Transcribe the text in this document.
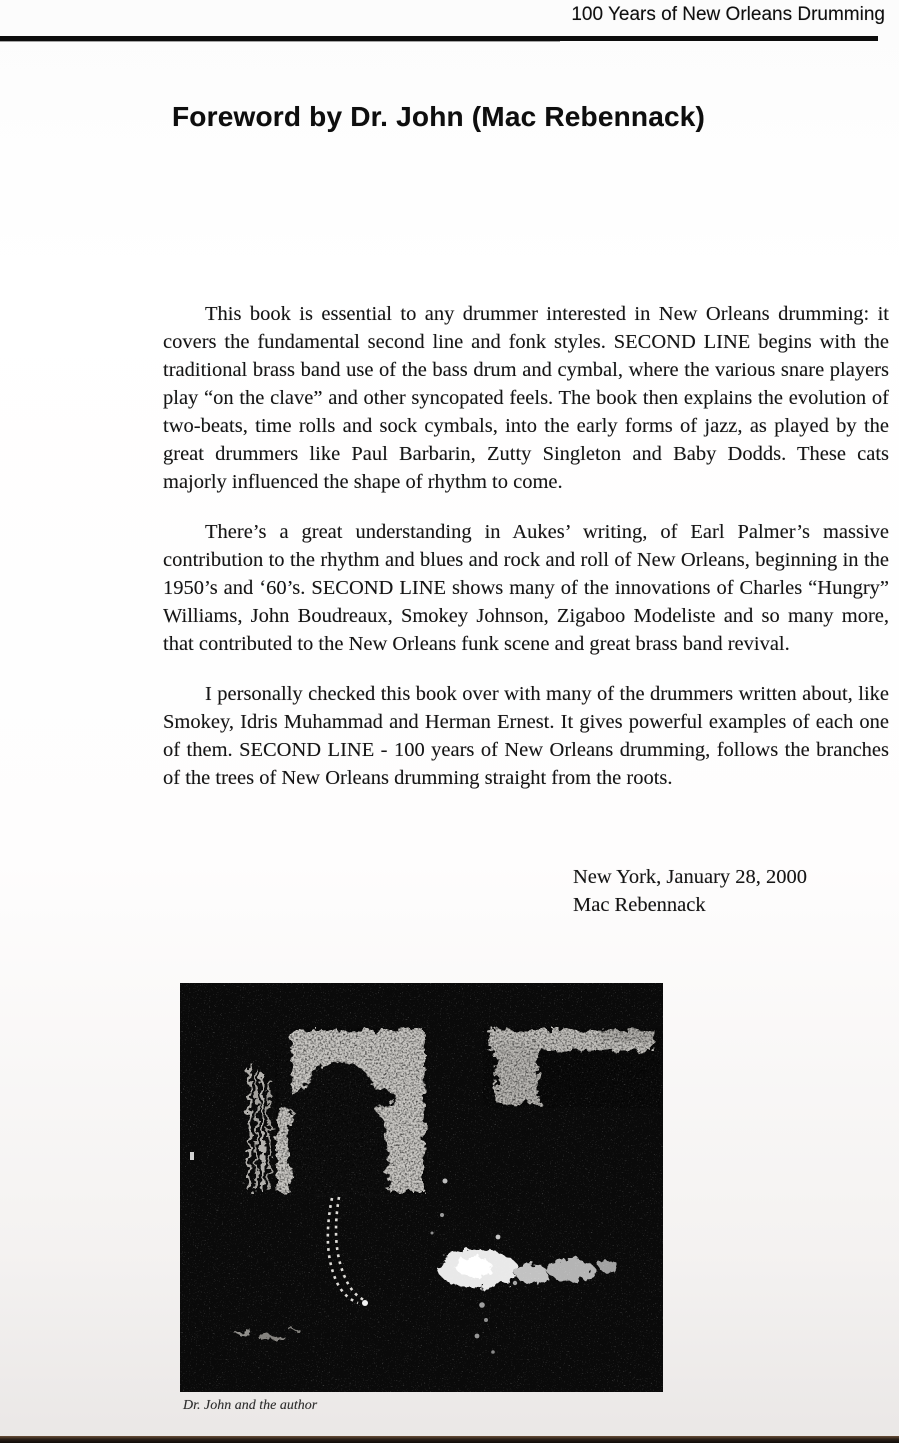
100 Years of New Orleans Drumming
Foreword by Dr. John (Mac Rebennack)

This book is essential to any drummer interested in New Orleans drumming: it covers the fundamental second line and fonk styles. SECOND LINE begins with the traditional brass band use of the bass drum and cymbal, where the various snare players play “on the clave” and other syncopated feels. The book then explains the evolution of two-beats, time rolls and sock cymbals, into the early forms of jazz, as played by the great drummers like Paul Barbarin, Zutty Singleton and Baby Dodds. These cats majorly influenced the shape of rhythm to come.

There’s a great understanding in Aukes’ writing, of Earl Palmer’s massive contribution to the rhythm and blues and rock and roll of New Orleans, beginning in the 1950’s and ‘60’s. SECOND LINE shows many of the innovations of Charles “Hungry” Williams, John Boudreaux, Smokey Johnson, Zigaboo Modeliste and so many more, that contributed to the New Orleans funk scene and great brass band revival.

I personally checked this book over with many of the drummers written about, like Smokey, Idris Muhammad and Herman Ernest. It gives powerful examples of each one of them. SECOND LINE - 100 years of New Orleans drumming, follows the branches of the trees of New Orleans drumming straight from the roots.

New York, January 28, 2000
Mac Rebennack
Dr. John and the author
